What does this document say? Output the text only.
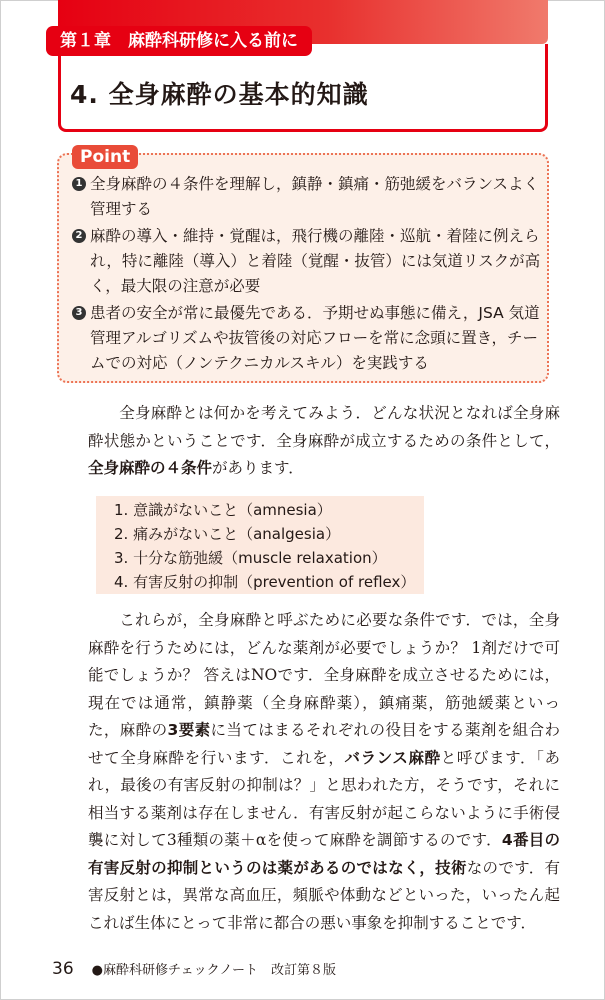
第１章　麻酔科研修に入る前に
4. 全身麻酔の基本的知識
Point
1 全身麻酔の４条件を理解し，鎮静・鎮痛・筋弛緩をバランスよく管理する
2 麻酔の導入・維持・覚醒は，飛行機の離陸・巡航・着陸に例えられ，特に離陸（導入）と着陸（覚醒・抜管）には気道リスクが高く，最大限の注意が必要
3 患者の安全が常に最優先である．予期せぬ事態に備え，JSA 気道管理アルゴリズムや抜管後の対応フローを常に念頭に置き，チームでの対応（ノンテクニカルスキル）を実践する

全身麻酔とは何かを考えてみよう．どんな状況となれば全身麻酔状態かということです．全身麻酔が成立するための条件として，全身麻酔の４条件があります．

1. 意識がないこと（amnesia）
2. 痛みがないこと（analgesia）
3. 十分な筋弛緩（muscle relaxation）
4. 有害反射の抑制（prevention of reflex）

これらが，全身麻酔と呼ぶために必要な条件です．では，全身麻酔を行うためには，どんな薬剤が必要でしょうか？ 1剤だけで可能でしょうか？ 答えはNOです．全身麻酔を成立させるためには，現在では通常，鎮静薬（全身麻酔薬），鎮痛薬，筋弛緩薬といった，麻酔の3要素に当てはまるそれぞれの役目をする薬剤を組合わせて全身麻酔を行います．これを，バランス麻酔と呼びます．「あれ，最後の有害反射の抑制は？」と思われた方，そうです，それに相当する薬剤は存在しません．有害反射が起こらないように手術侵襲に対して3種類の薬＋αを使って麻酔を調節するのです．4番目の有害反射の抑制というのは薬があるのではなく，技術なのです．有害反射とは，異常な高血圧，頻脈や体動などといった，いったん起これば生体にとって非常に都合の悪い事象を抑制することです．

36 ●麻酔科研修チェックノート　改訂第８版
